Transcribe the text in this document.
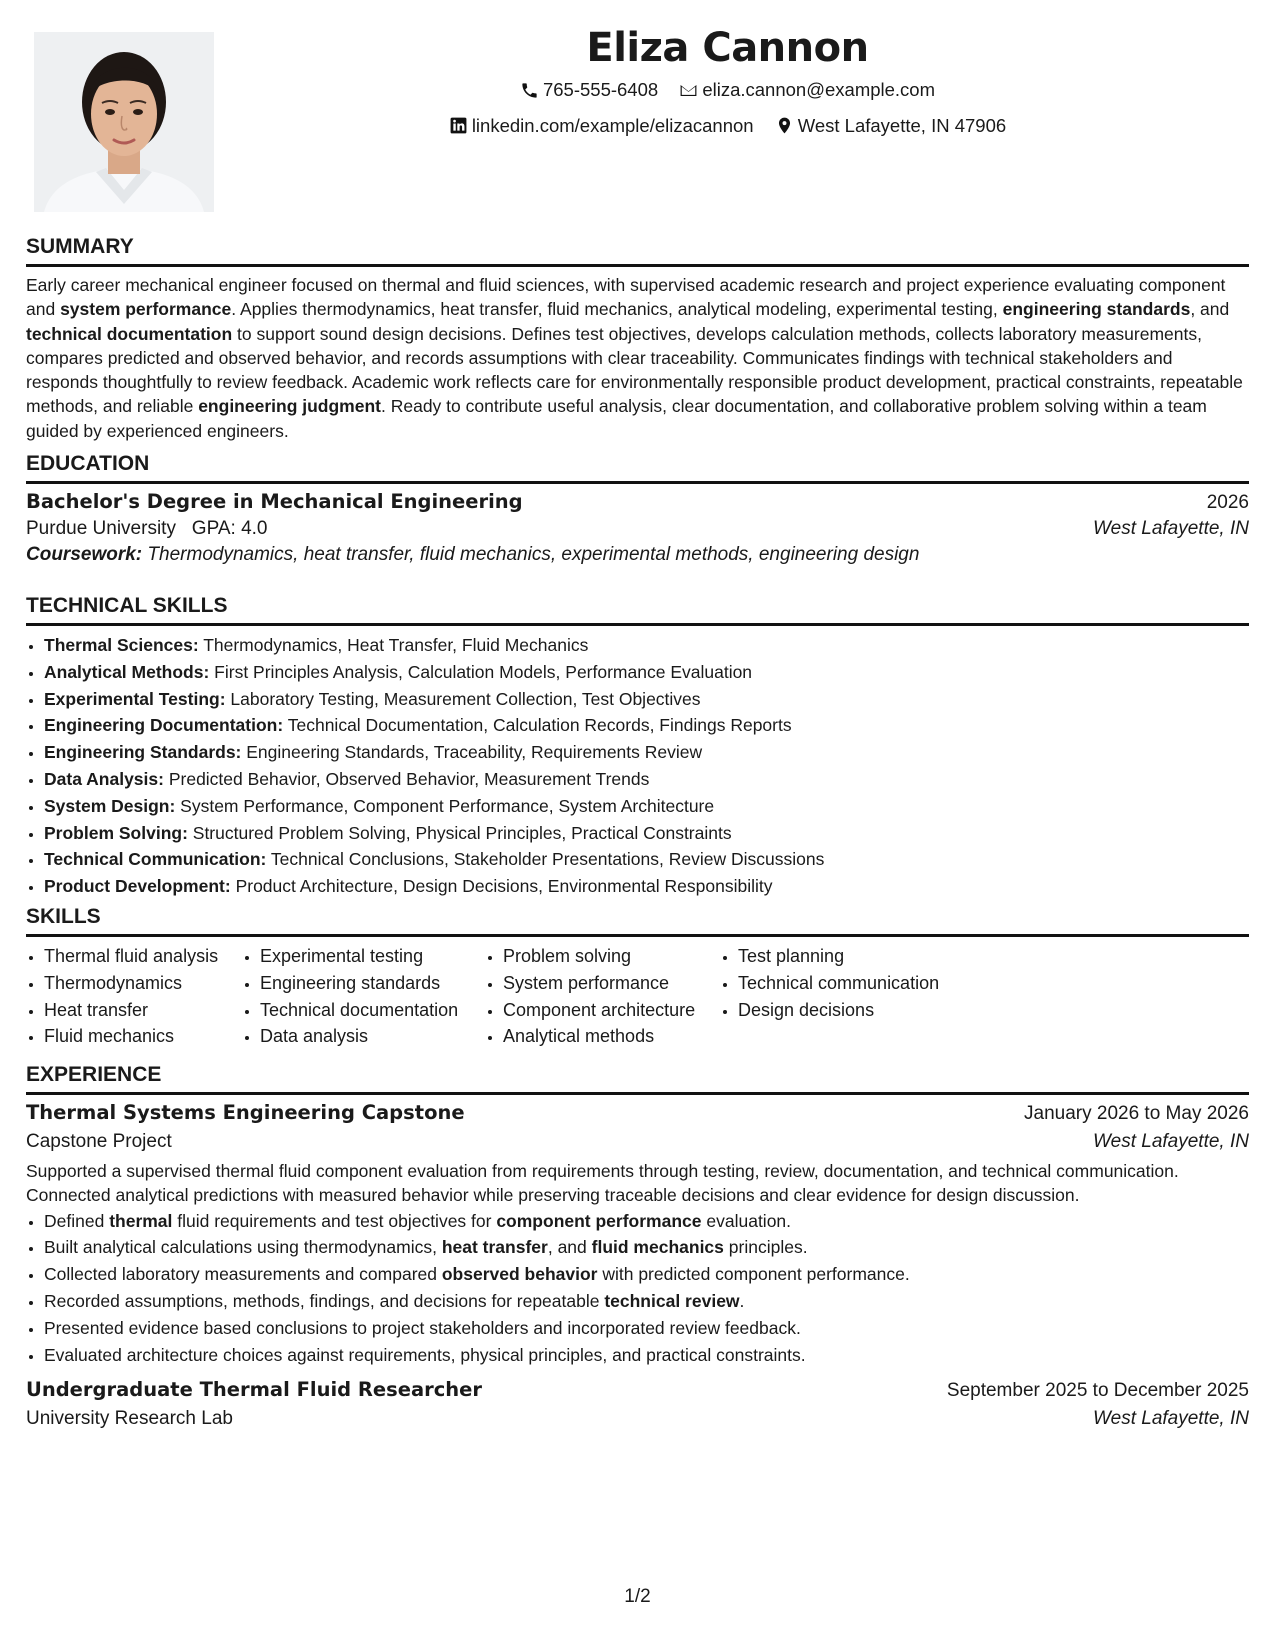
Eliza Cannon
765-555-6408
eliza.cannon@example.com
linkedin.com/example/elizacannon
West Lafayette, IN 47906
SUMMARY

Early career mechanical engineer focused on thermal and fluid sciences, with supervised academic research and project experience evaluating component and system performance. Applies thermodynamics, heat transfer, fluid mechanics, analytical modeling, experimental testing, engineering standards, and technical documentation to support sound design decisions. Defines test objectives, develops calculation methods, collects laboratory measurements, compares predicted and observed behavior, and records assumptions with clear traceability. Communicates findings with technical stakeholders and responds thoughtfully to review feedback. Academic work reflects care for environmentally responsible product development, practical constraints, repeatable methods, and reliable engineering judgment. Ready to contribute useful analysis, clear documentation, and collaborative problem solving within a team guided by experienced engineers.

EDUCATION
Bachelor's Degree in Mechanical Engineering	2026
Purdue University GPA: 4.0	West Lafayette, IN
Coursework: Thermodynamics, heat transfer, fluid mechanics, experimental methods, engineering design
TECHNICAL SKILLS
• Thermal Sciences: Thermodynamics, Heat Transfer, Fluid Mechanics
• Analytical Methods: First Principles Analysis, Calculation Models, Performance Evaluation
• Experimental Testing: Laboratory Testing, Measurement Collection, Test Objectives
• Engineering Documentation: Technical Documentation, Calculation Records, Findings Reports
• Engineering Standards: Engineering Standards, Traceability, Requirements Review
• Data Analysis: Predicted Behavior, Observed Behavior, Measurement Trends
• System Design: System Performance, Component Performance, System Architecture
• Problem Solving: Structured Problem Solving, Physical Principles, Practical Constraints
• Technical Communication: Technical Conclusions, Stakeholder Presentations, Review Discussions
• Product Development: Product Architecture, Design Decisions, Environmental Responsibility
SKILLS
• Thermal fluid analysis
• Thermodynamics
• Heat transfer
• Fluid mechanics
• Experimental testing
• Engineering standards
• Technical documentation
• Data analysis
• Problem solving
• System performance
• Component architecture
• Analytical methods
• Test planning
• Technical communication
• Design decisions
EXPERIENCE
Thermal Systems Engineering Capstone	January 2026 to May 2026
Capstone Project	West Lafayette, IN

Supported a supervised thermal fluid component evaluation from requirements through testing, review, documentation, and technical communication. Connected analytical predictions with measured behavior while preserving traceable decisions and clear evidence for design discussion.

• Defined thermal fluid requirements and test objectives for component performance evaluation.
• Built analytical calculations using thermodynamics, heat transfer, and fluid mechanics principles.
• Collected laboratory measurements and compared observed behavior with predicted component performance.
• Recorded assumptions, methods, findings, and decisions for repeatable technical review.
• Presented evidence based conclusions to project stakeholders and incorporated review feedback.
• Evaluated architecture choices against requirements, physical principles, and practical constraints.
Undergraduate Thermal Fluid Researcher	September 2025 to December 2025
University Research Lab	West Lafayette, IN
1/2
